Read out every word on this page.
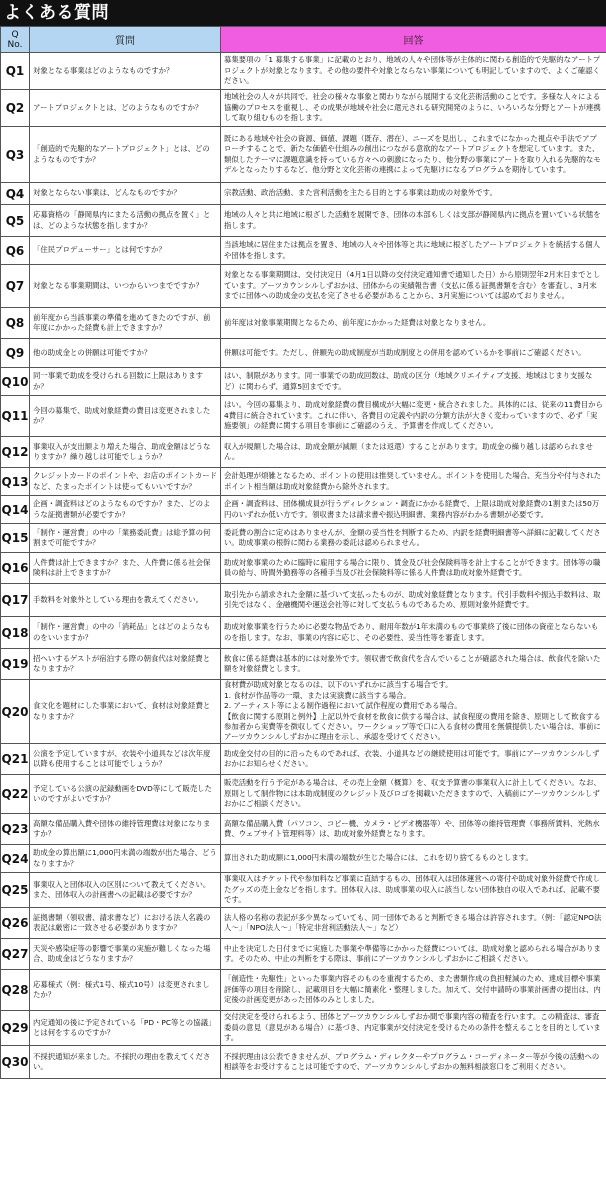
よくある質問
Q
No.	質問	回答
Q1	対象となる事業はどのようなものですか？	募集要項の「1 募集する事業」に記載のとおり、地域の人々や団体等が主体的に関わる創造的で先駆的なアートプロジェクトが対象となります。その他の要件や対象とならない事業についても明記していますので、よくご確認ください。

Q2	アートプロジェクトとは、どのようなものですか？	地域社会の人々が共同で、社会の様々な事象と関わりながら展開する文化芸術活動のことです。多様な人々による協働のプロセスを重視し、その成果が地域や社会に還元される研究開発のように、いろいろな分野とアートが連携して取り組むものを指します。

Q3	「創造的で先駆的なアートプロジェクト」とは、どのようなものですか？	既にある地域や社会の資源、価値、課題（既存、潜在）、ニーズを見出し、これまでになかった視点や手法でアプローチすることで、新たな価値や仕組みの創出につながる意欲的なアートプロジェクトを想定しています。また、類似したテーマに課題意識を持っている方々への刺激になったり、他分野の事業にアートを取り入れる先駆的なモデルとなったりするなど、他分野と文化芸術の連携によって先駆けになるプログラムを期待しています。

Q4	対象とならない事業は、どんなものですか？	宗教活動、政治活動、また営利活動を主たる目的とする事業は助成の対象外です。

Q5	応募資格の「静岡県内にまたる活動の拠点を置く」とは、どのような状態を指しますか？	地域の人々と共に地域に根ざした活動を展開でき、団体の本部もしくは支部が静岡県内に拠点を置いている状態を指します。

Q6	「住民プロデューサー」とは何ですか？	当該地域に居住または拠点を置き、地域の人々や団体等と共に地域に根ざしたアートプロジェクトを統括する個人や団体を指します。

Q7	対象となる事業期間は、いつからいつまでですか？	対象となる事業期間は、交付決定日（4月1日以降の交付決定通知書で通知した日）から原則翌年2月末日までとしています。アーツカウンシルしずおかは、団体からの実績報告書（支払に係る証拠書類を含む）を審査し、3月末までに団体への助成金の支払を完了させる必要があることから、3月実施については認めておりません。

Q8	前年度から当該事業の準備を進めてきたのですが、前年度にかかった経費も計上できますか？	前年度は対象事業期間となるため、前年度にかかった経費は対象となりません。

Q9	他の助成金との併願は可能ですか？	併願は可能です。ただし、併願先の助成制度が当助成制度との併用を認めているかを事前にご確認ください。

Q10	同一事業で助成を受けられる回数に上限はありますか？	はい、制限があります。同一事業での助成回数は、助成の区分（地域クリエイティブ支援、地域はじまり支援など）に関わらず、通算5回までです。

Q11	今回の募集で、助成対象経費の費目は変更されましたか？	はい。今回の募集より、助成対象経費の費目構成が大幅に変更・統合されました。具体的には、従来の11費目から4費目に統合されています。これに伴い、各費目の定義や内訳の分類方法が大きく変わっていますので、必ず「実施要領」の経費に関する項目を事前にご確認のうえ、予算書を作成してください。

Q12	事業収入が支出額より増えた場合、助成金額はどうなりますか？繰り越しは可能でしょうか？	収入が規額した場合は、助成金額が減額（または返還）することがあります。助成金の繰り越しは認められません。

Q13	クレジットカードのポイントや、お店のポイントカードなど、たまったポイントは使ってもいいですか？	会計処理が煩雑となるため、ポイントの使用は推奨していません。ポイントを使用した場合、充当分や付与されたポイント相当額は助成対象経費から除外されます。

Q14	企画・調査料はどのようなものですか？また、どのような証拠書類が必要ですか？	企画・調査料は、団体構成員が行うディレクション・調査にかかる経費で、上限は助成対象経費の1割または50万円のいずれか低い方です。領収書または請求書や振込明細書、業務内容がわかる書類が必要です。

Q15	「制作・運営費」の中の「業務委託費」は総予算の何割まで可能ですか？	委託費の割合に定めはありませんが、金額の妥当性を判断するため、内訳を経費明細書等へ詳細に記載してください。助成事業の根幹に関わる業務の委託は認められません。

Q16	人件費は計上できますか？また、人件費に係る社会保険料は計上できますか？	助成対象事業のために臨時に雇用する場合に限り、賃金及び社会保険料等を計上することができます。団体等の職員の給与、時間外勤務等の各種手当及び社会保険料等に係る人件費は助成対象外経費です。

Q17	手数料を対象外としている理由を教えてください。	取引先から請求された金額に基づいて支払ったものが、助成対象経費となります。代引手数料や振込手数料は、取引先ではなく、金融機関や運送会社等に対して支払うものであるため、原則対象外経費です。

Q18	「制作・運営費」の中の「消耗品」とはどのようなものをいいますか？	助成対象事業を行うために必要な物品であり、耐用年数が1年未満のもので事業終了後に団体の資産とならないものを指します。なお、事業の内容に応じ、その必要性、妥当性等を審査します。

Q19	招へいするゲストが宿泊する際の朝食代は対象経費となりますか？	飲食に係る経費は基本的には対象外です。領収書で飲食代を含んでいることが確認された場合は、飲食代を除いた額を対象経費とします。

Q20	食文化を題材にした事業において、食材は対象経費となりますか？	食材費が助成対象となるのは、以下のいずれかに該当する場合です。
1. 食材が作品等の一環、または実演費に該当する場合。
2. アーティスト等による制作過程において試作程度の費用である場合。
【飲食に関する原則と例外】上記以外で食材を飲食に供する場合は、試食程度の費用を除き、原則として飲食する参加者から実費等を徴収してください。ワークショップ等で口に入る食材の費用を無償提供したい場合は、事前にアーツカウンシルしずおかに理由を示し、承認を受けてください。

Q21	公演を予定していますが、衣装や小道具などは次年度以降も使用することは可能でしょうか？	助成金交付の目的に沿ったものであれば、衣装、小道具などの継続使用は可能です。事前にアーツカウンシルしずおかにお知らせください。

Q22	予定している公演の記録動画をDVD等にして販売したいのですがよいですか？	販売活動を行う予定がある場合は、その売上金額（概算）を、収支予算書の事業収入に計上してください。なお、原則として制作物には本助成制度のクレジット及びロゴを掲載いただきますので、入稿前にアーツカウンシルしずおかにご相談ください。

Q23	高額な備品購入費や団体の維持管理費は対象になりますか？	高額な備品購入費（パソコン、コピー機、カメラ・ビデオ機器等）や、団体等の維持管理費（事務所賃料、光熱水費、ウェブサイト管理料等）は、助成対象外経費となります。

Q24	助成金の算出額に1,000円未満の端数が出た場合、どうなりますか？	算出された助成額に1,000円未満の端数が生じた場合には、これを切り捨てるものとします。

Q25	事業収入と団体収入の区別について教えてください。また、団体収入の計画書への記載は必要ですか？	事業収入はチケット代や参加料など事業に直結するもの、団体収入は団体運営への寄付や助成対象外経費で作成したグッズの売上金などを指します。団体収入は、助成事業の収入に該当しない団体独自の収入であれば、記載不要です。

Q26	証拠書類（領収書、請求書など）における法人名義の表記は厳密に一致させる必要がありますか？	法人格の名称の表記が多少異なっていても、同一団体であると判断できる場合は許容されます。（例：「認定NPO法人～」「NPO法人～」「特定非営利活動法人～」など）

Q27	天災や感染症等の影響で事業の実施が難しくなった場合、助成金はどうなりますか？	中止を決定した日付までに実施した事業や準備等にかかった経費については、助成対象と認められる場合があります。そのため、中止の判断をする際は、事前にアーツカウンシルしずおかにご相談ください。

Q28	応募様式（例：様式1号、様式10号）は変更されましたか？	「創造性・先駆性」といった事業内容そのものを重視するため、また書類作成の負担軽減のため、達成目標や事業評価等の項目を削除し、記載項目を大幅に簡素化・整理しました。加えて、交付申請時の事業計画書の提出は、内定後の計画変更があった団体のみとしました。

Q29	内定通知の後に予定されている「PD・PC等との協議」とは何をするのですか？	交付決定を受けられるよう、団体とアーツカウンシルしずおか間で事業内容の精査を行います。この精査は、審査委員の意見（意見がある場合）に基づき、内定事業が交付決定を受けるための条件を整えることを目的としています。

Q30	不採択通知が来ました。不採択の理由を教えてください。	不採択理由は公表できませんが、プログラム・ディレクターやプログラム・コーディネーター等が今後の活動への相談等をお受けすることは可能ですので、アーツカウンシルしずおかの無料相談窓口をご利用ください。
